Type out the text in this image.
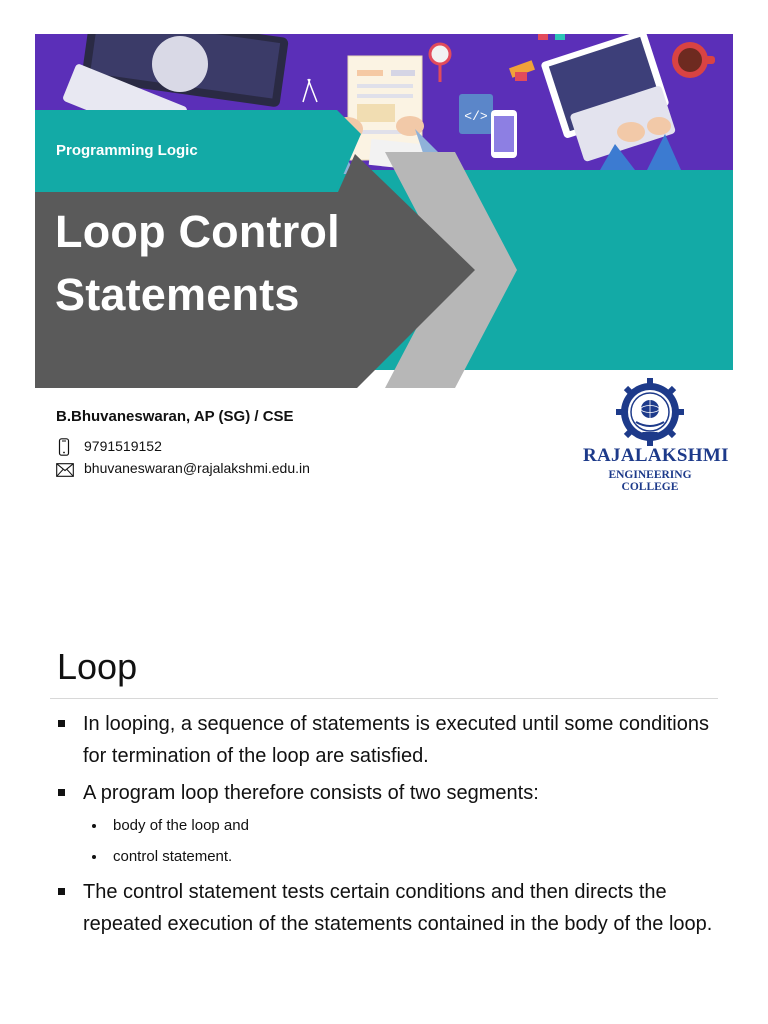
</>
Programming Logic
Loop Control
Statements
B.Bhuvaneswaran, AP (SG) / CSE
9791519152
bhuvaneswaran@rajalakshmi.edu.in
RAJALAKSHMI
ENGINEERING COLLEGE
Loop
In looping, a sequence of statements is executed until some conditions for termination of the loop are satisfied.
A program loop therefore consists of two segments:
body of the loop and
control statement.
The control statement tests certain conditions and then directs the repeated execution of the statements contained in the body of the loop.
